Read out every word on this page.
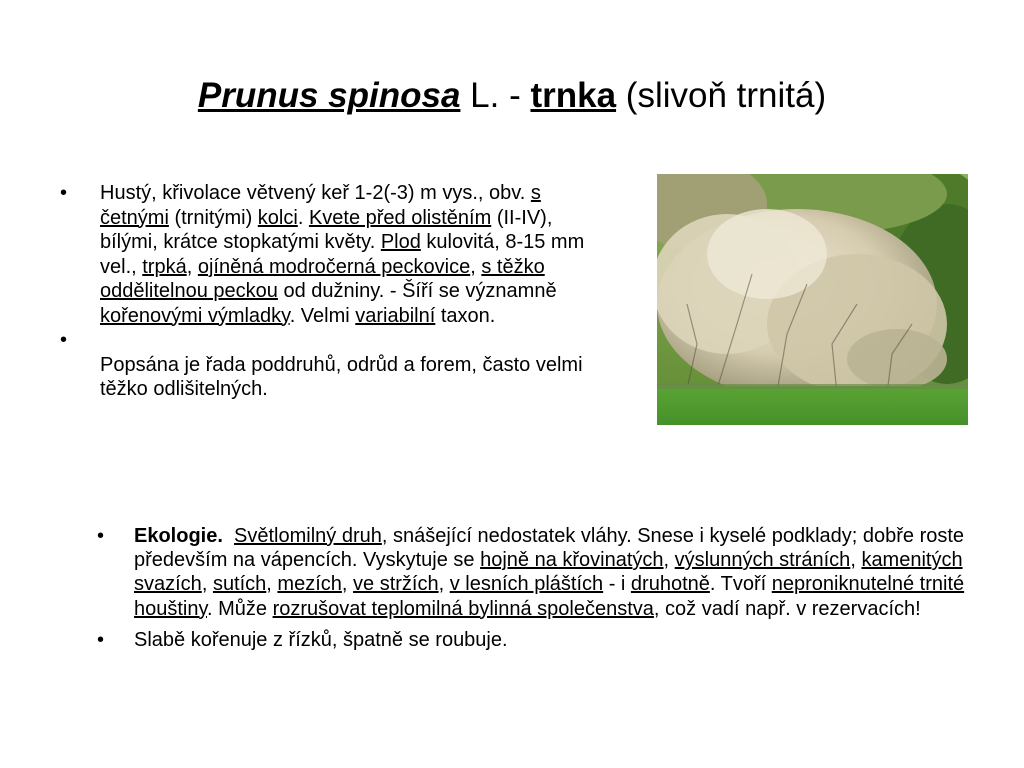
Prunus spinosa L. - trnka (slivoň trnitá)

• Hustý, křivolace větvený keř 1-2(-3) m vys., obv. s četnými (trnitými) kolci. Kvete před olistěním (II-IV), bílými, krátce stopkatými květy. Plod kulovitá, 8-15 mm vel., trpká, ojíněná modročerná peckovice, s těžko oddělitelnou peckou od dužniny. - Šíří se významně kořenovými výmladky. Velmi variabilní taxon.

•
Popsána je řada poddruhů, odrůd a forem, často velmi těžko odlišitelných.

• Ekologie. Světlomilný druh, snášející nedostatek vláhy. Snese i kyselé podklady; dobře roste především na vápencích. Vyskytuje se hojně na křovinatých, výslunných stráních, kamenitých svazích, sutích, mezích, ve stržích, v lesních pláštích - i druhotně. Tvoří neproniknutelné trnité houštiny. Může rozrušovat teplomilná bylinná společenstva, což vadí např. v rezervacích!

• Slabě kořenuje z řízků, špatně se roubuje.
